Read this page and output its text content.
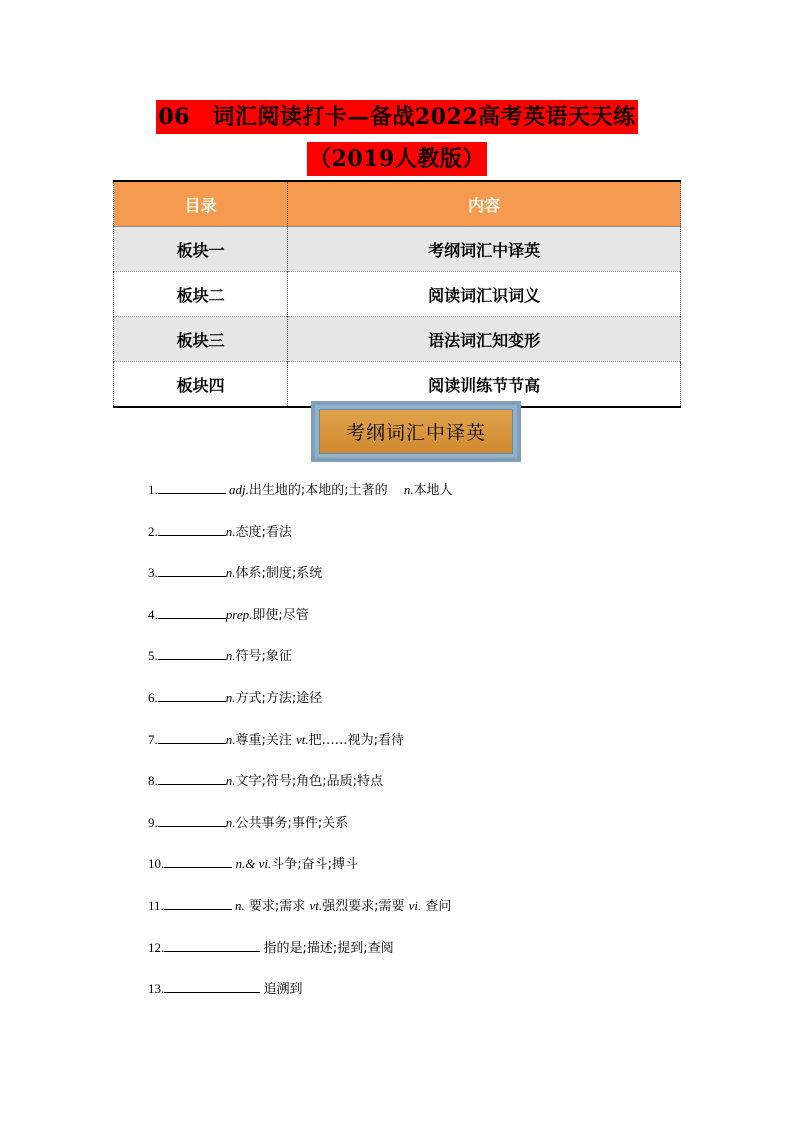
06　词汇阅读打卡—备战2022高考英语天天练
（2019人教版）
目录	内容
板块一	考纲词汇中译英
板块二	阅读词汇识词义
板块三	语法词汇知变形
板块四	阅读训练节节高
考纲词汇中译英
1.	adj.出生地的;本地的;土著的　 n.本地人
2.	n.态度;看法
3.	n.体系;制度;系统
4.	prep.即使;尽管
5.	n.符号;象征
6.	n.方式;方法;途径
7.	n.尊重;关注 vt.把……视为;看待
8.	n.文字;符号;角色;品质;特点
9.	n.公共事务;事件;关系
10.	n.& vi.斗争;奋斗;搏斗
11.	n. 要求;需求 vt.强烈要求;需要 vi. 查问
12.	指的是;描述;提到;查阅
13.	追溯到
